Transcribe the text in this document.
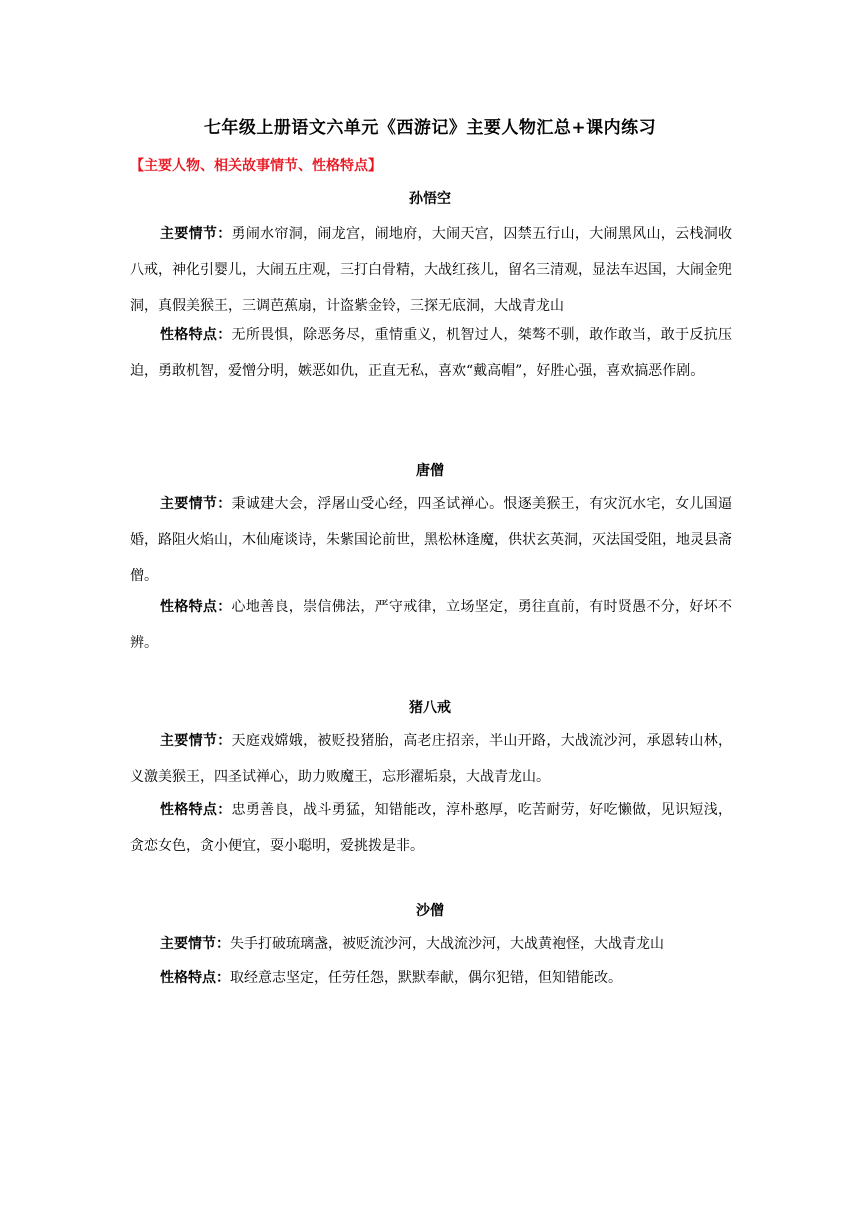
七年级上册语文六单元《西游记》主要人物汇总+课内练习
【主要人物、相关故事情节、性格特点】
孙悟空
主要情节：勇闹水帘洞，闹龙宫，闹地府，大闹天宫，囚禁五行山，大闹黑风山，云栈洞收八戒，神化引婴儿，大闹五庄观，三打白骨精，大战红孩儿，留名三清观，显法车迟国，大闹金兜洞，真假美猴王，三调芭蕉扇，计盗紫金铃，三探无底洞，大战青龙山
性格特点：无所畏惧，除恶务尽，重情重义，机智过人，桀骜不驯，敢作敢当，敢于反抗压迫，勇敢机智，爱憎分明，嫉恶如仇，正直无私，喜欢“戴高帽”，好胜心强，喜欢搞恶作剧。
唐僧
主要情节：秉诚建大会，浮屠山受心经，四圣试禅心。恨逐美猴王，有灾沉水宅，女儿国逼婚，路阻火焰山，木仙庵谈诗，朱紫国论前世，黑松林逢魔，供状玄英洞，灭法国受阻，地灵县斋僧。
性格特点：心地善良，崇信佛法，严守戒律，立场坚定，勇往直前，有时贤愚不分，好坏不辨。
猪八戒
主要情节：天庭戏嫦娥，被贬投猪胎，高老庄招亲，半山开路，大战流沙河，承恩转山林，义激美猴王，四圣试禅心，助力败魔王，忘形濯垢泉，大战青龙山。
性格特点：忠勇善良，战斗勇猛，知错能改，淳朴憨厚，吃苦耐劳，好吃懒做，见识短浅，贪恋女色，贪小便宜，耍小聪明，爱挑拨是非。
沙僧
主要情节：失手打破琉璃盏，被贬流沙河，大战流沙河，大战黄袍怪，大战青龙山
性格特点：取经意志坚定，任劳任怨，默默奉献，偶尔犯错，但知错能改。
